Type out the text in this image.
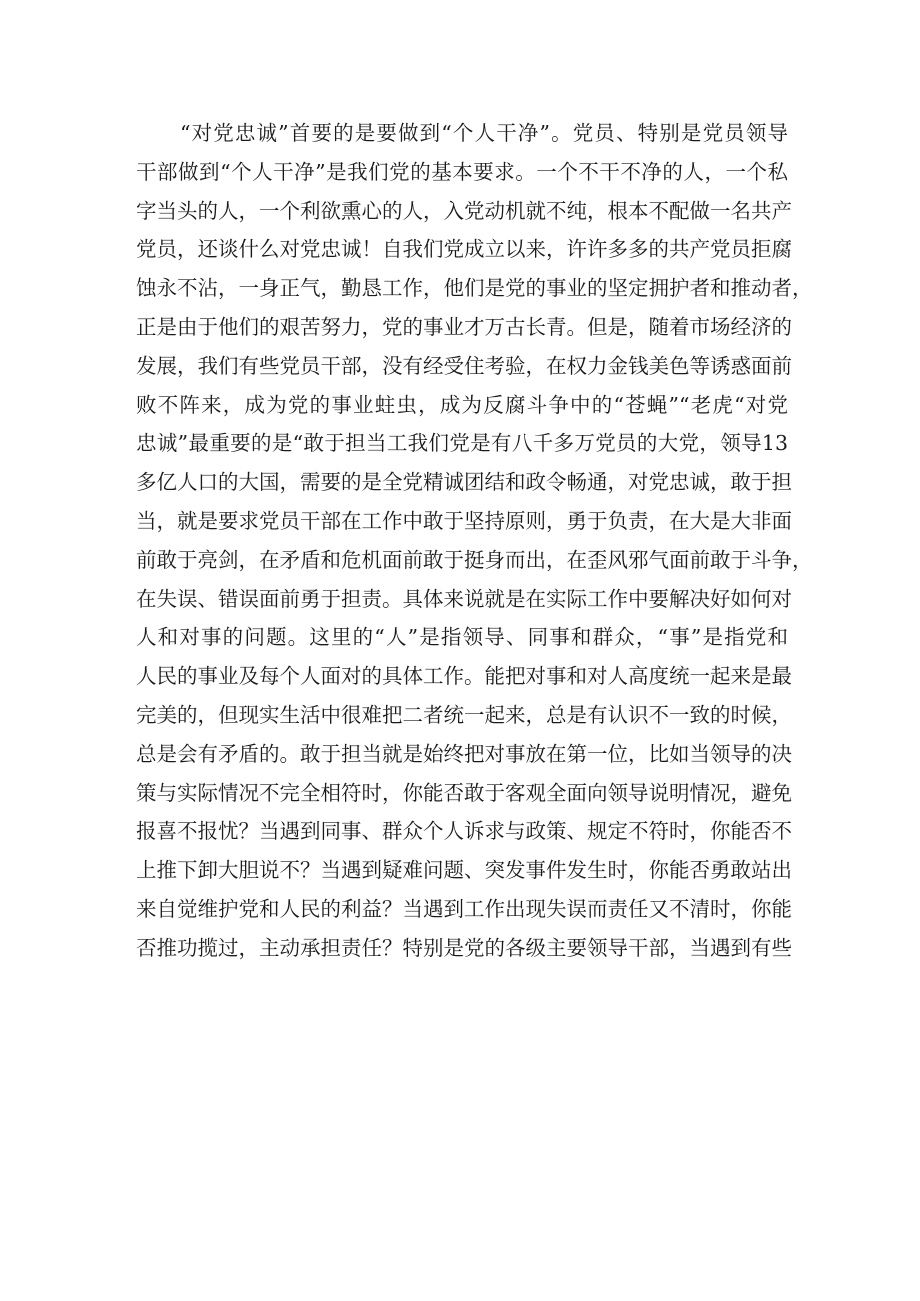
“对党忠诚”首要的是要做到“个人干净”。党员、特别是党员领导
干部做到“个人干净”是我们党的基本要求。一个不干不净的人，一个私
字当头的人，一个利欲熏心的人，入党动机就不纯，根本不配做一名共产
党员，还谈什么对党忠诚！自我们党成立以来，许许多多的共产党员拒腐
蚀永不沾，一身正气，勤恳工作，他们是党的事业的坚定拥护者和推动者，
正是由于他们的艰苦努力，党的事业才万古长青。但是，随着市场经济的
发展，我们有些党员干部，没有经受住考验，在权力金钱美色等诱惑面前
败不阵来，成为党的事业蛀虫，成为反腐斗争中的“苍蝇”“老虎“对党
忠诚”最重要的是“敢于担当工我们党是有八千多万党员的大党，领导13
多亿人口的大国，需要的是全党精诚团结和政令畅通，对党忠诚，敢于担
当，就是要求党员干部在工作中敢于坚持原则，勇于负责，在大是大非面
前敢于亮剑，在矛盾和危机面前敢于挺身而出，在歪风邪气面前敢于斗争，
在失误、错误面前勇于担责。具体来说就是在实际工作中要解决好如何对
人和对事的问题。这里的“人”是指领导、同事和群众，“事”是指党和
人民的事业及每个人面对的具体工作。能把对事和对人高度统一起来是最
完美的，但现实生活中很难把二者统一起来，总是有认识不一致的时候，
总是会有矛盾的。敢于担当就是始终把对事放在第一位，比如当领导的决
策与实际情况不完全相符时，你能否敢于客观全面向领导说明情况，避免
报喜不报忧？当遇到同事、群众个人诉求与政策、规定不符时，你能否不
上推下卸大胆说不？当遇到疑难问题、突发事件发生时，你能否勇敢站出
来自觉维护党和人民的利益？当遇到工作出现失误而责任又不清时，你能
否推功揽过，主动承担责任？特别是党的各级主要领导干部，当遇到有些
